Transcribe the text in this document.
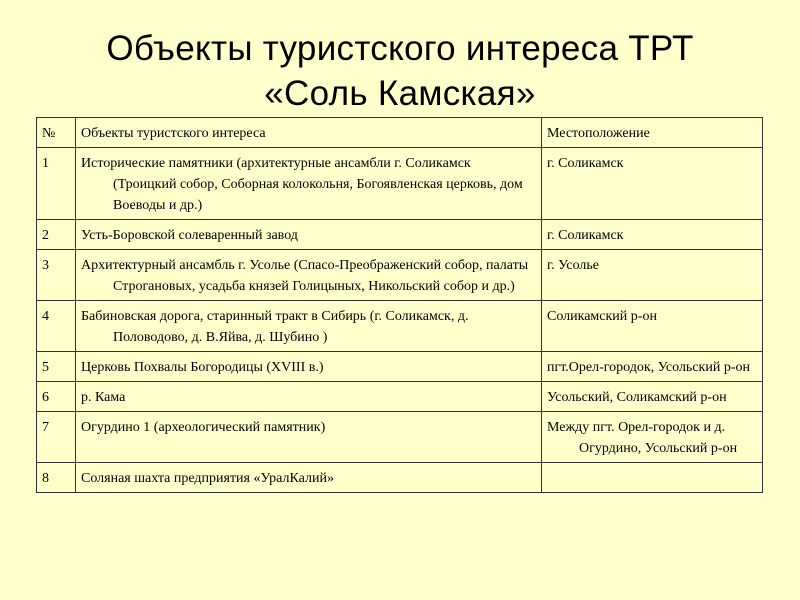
Объекты туристского интереса ТРТ
«Соль Камская»
№	Объекты туристского интереса	Местоположение
1	Исторические памятники (архитектурные ансамбли г. Соликамск (Троицкий собор, Соборная колокольня, Богоявленская церковь, дом Воеводы и др.)	г. Соликамск
2	Усть-Боровской солеваренный завод	г. Соликамск
3	Архитектурный ансамбль г. Усолье (Спасо-Преображенский собор, палаты Строгановых, усадьба князей Голицыных, Никольский собор и др.)	г. Усолье
4	Бабиновская дорога, старинный тракт в Сибирь (г. Соликамск, д. Половодово, д. В.Яйва, д. Шубино )	Соликамский р-он
5	Церковь Похвалы Богородицы (XVIII в.)	пгт.Орел-городок, Усольский р-он
6	р. Кама	Усольский, Соликамский р-он
7	Огурдино 1 (археологический памятник)	Между пгт. Орел-городок и д. Огурдино, Усольский р-он
8	Соляная шахта предприятия «УралКалий»	
